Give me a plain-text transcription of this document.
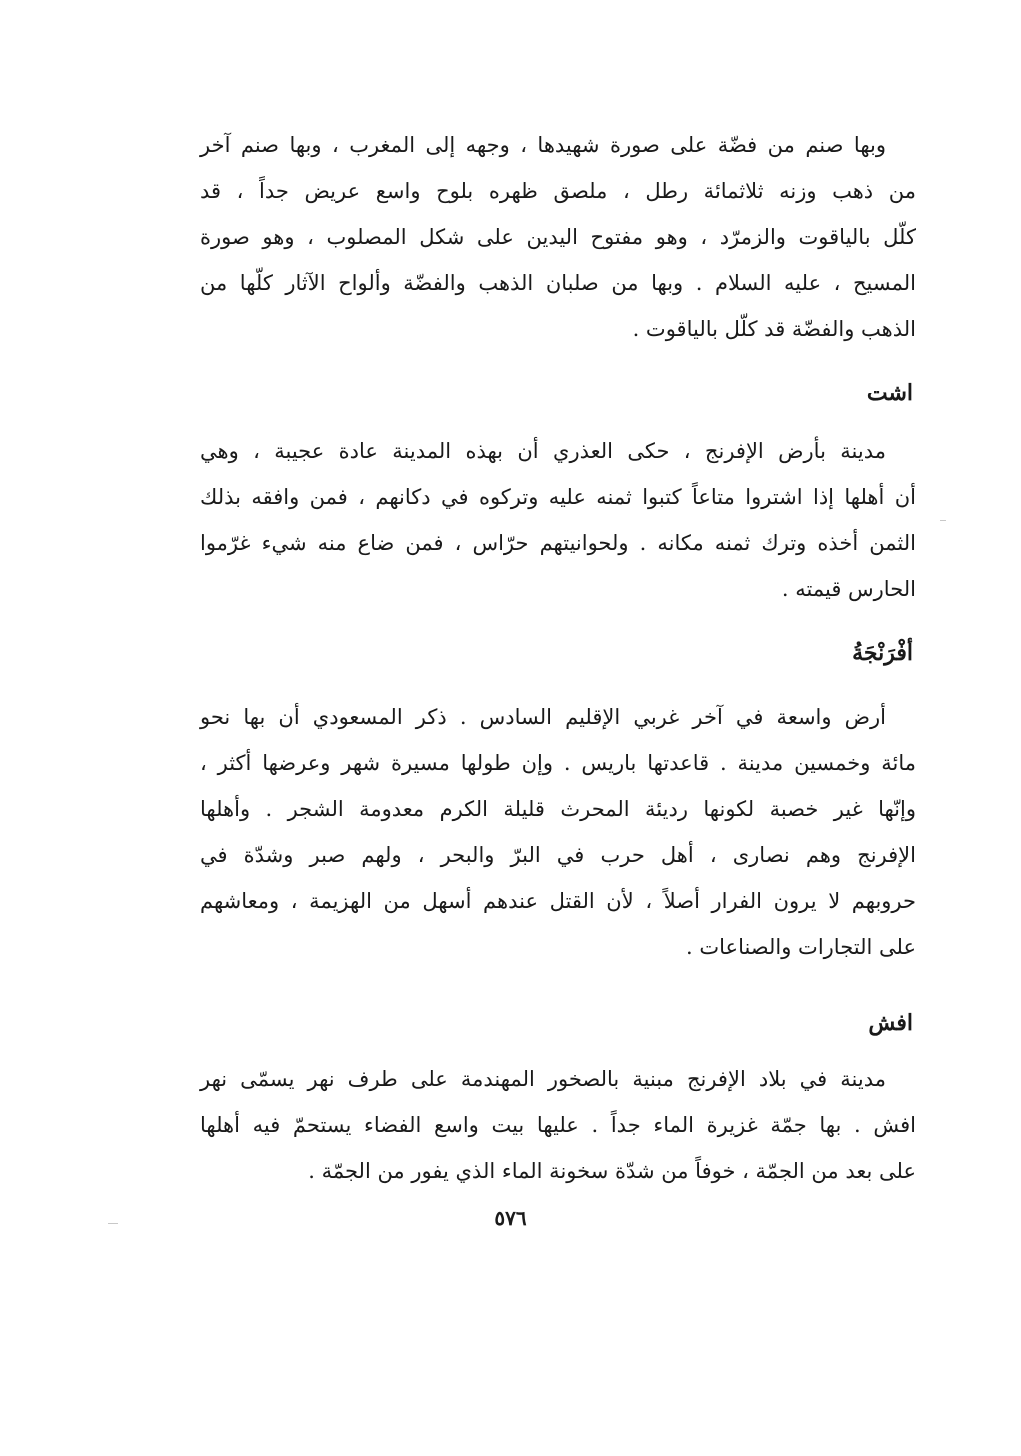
وبها صنم من فضّة على صورة شهيدها ، وجهه إلى المغرب ، وبها صنم آخر
من ذهب وزنه ثلاثمائة رطل ، ملصق ظهره بلوح واسع عريض جداً ، قد
كلّل بالياقوت والزمرّد ، وهو مفتوح اليدين على شكل المصلوب ، وهو صورة
المسيح ، عليه السلام . وبها من صلبان الذهب والفضّة وألواح الآثار كلّها من
الذهب والفضّة قد كلّل بالياقوت .
اشت
مدينة بأرض الإفرنج ، حكى العذري أن بهذه المدينة عادة عجيبة ، وهي
أن أهلها إذا اشتروا متاعاً كتبوا ثمنه عليه وتركوه في دكانهم ، فمن وافقه بذلك
الثمن أخذه وترك ثمنه مكانه . ولحوانيتهم حرّاس ، فمن ضاع منه شيء غرّموا
الحارس قيمته .
أفْرَنْجَةُ
أرض واسعة في آخر غربي الإقليم السادس . ذكر المسعودي أن بها نحو
مائة وخمسين مدينة . قاعدتها باريس . وإن طولها مسيرة شهر وعرضها أكثر ،
وإنّها غير خصبة لكونها رديئة المحرث قليلة الكرم معدومة الشجر . وأهلها
الإفرنج وهم نصارى ، أهل حرب في البرّ والبحر ، ولهم صبر وشدّة في
حروبهم لا يرون الفرار أصلاً ، لأن القتل عندهم أسهل من الهزيمة ، ومعاشهم
على التجارات والصناعات .
افش
مدينة في بلاد الإفرنج مبنية بالصخور المهندمة على طرف نهر يسمّى نهر
افش . بها جمّة غزيرة الماء جداً . عليها بيت واسع الفضاء يستحمّ فيه أهلها
على بعد من الجمّة ، خوفاً من شدّة سخونة الماء الذي يفور من الجمّة .
٥٧٦
